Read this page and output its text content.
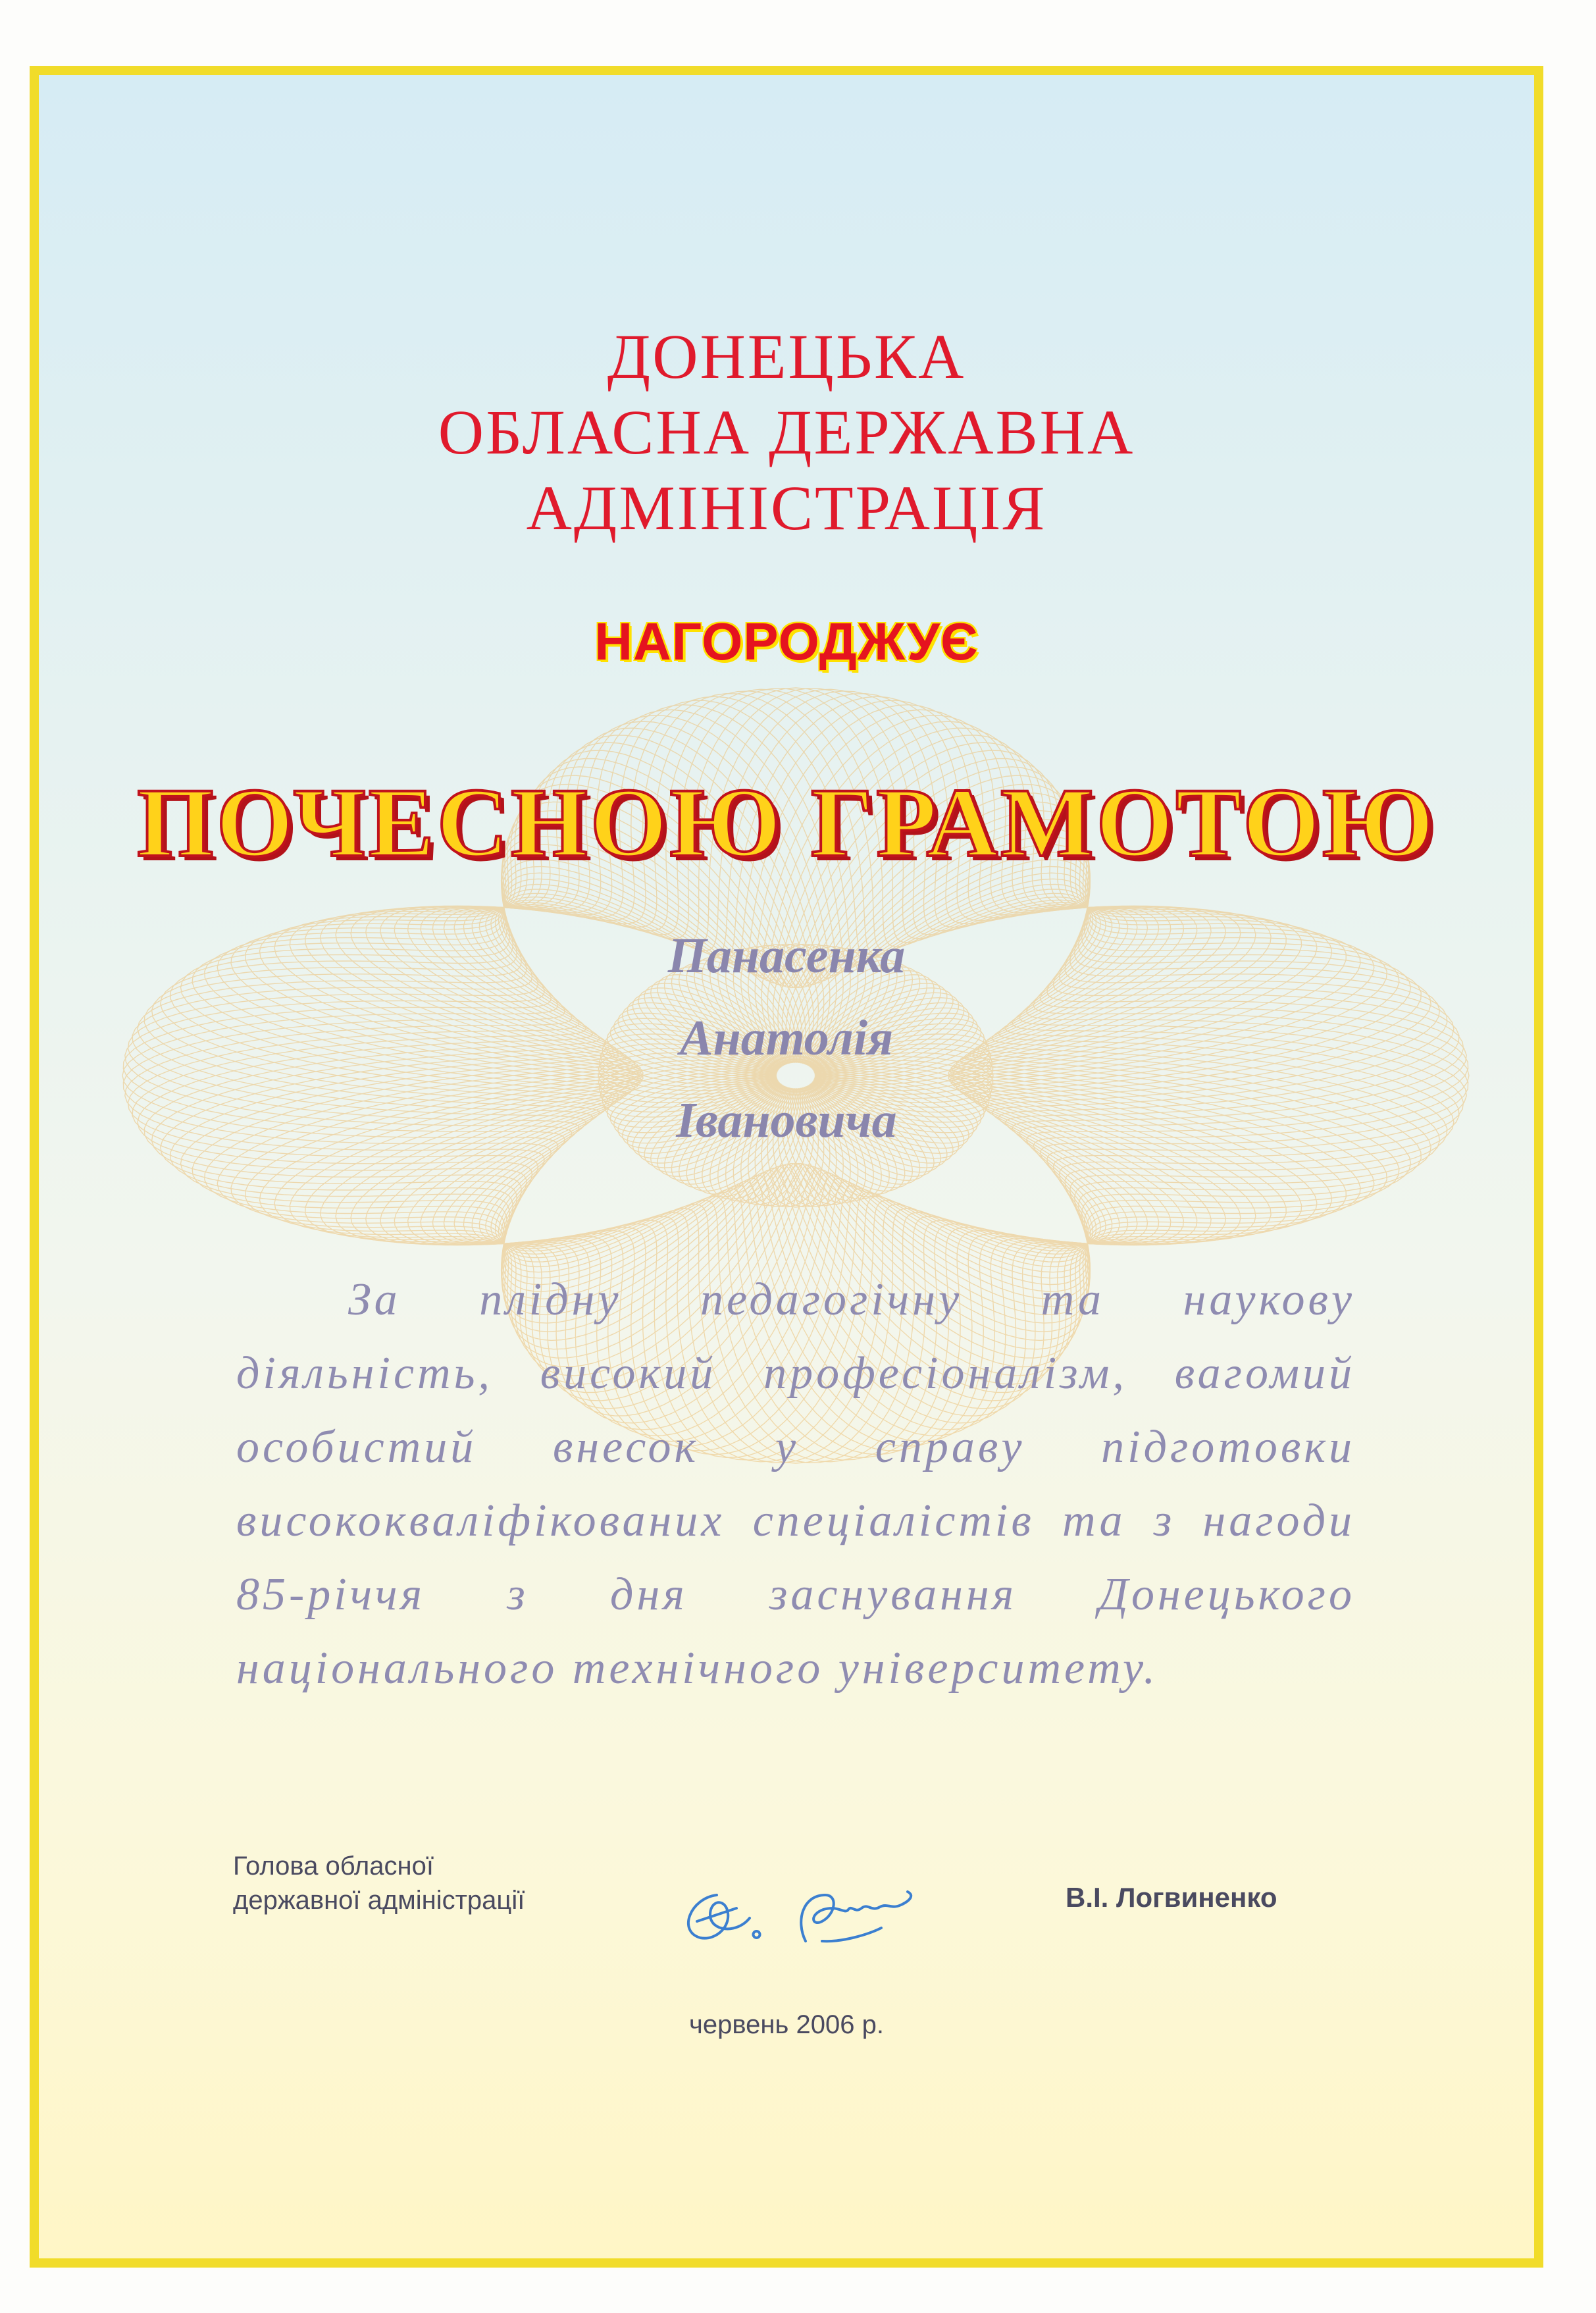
ДОНЕЦЬКА

ОБЛАСНА ДЕРЖАВНА

АДМІНІСТРАЦІЯ

НАГОРОДЖУЄ

ПОЧЕСНОЮ ГРАМОТОЮ

Панасенка

Анатолія

Івановича

За плідну педагогічну та наукову діяльність, високий професіоналізм, вагомий особистий внесок у справу підготовки висококваліфікованих спеціалістів та з нагоди 85-річчя з дня заснування Донецького національного технічного університету.

Голова обласної
державної адміністрації	В.І. Логвиненко

червень 2006 р.
